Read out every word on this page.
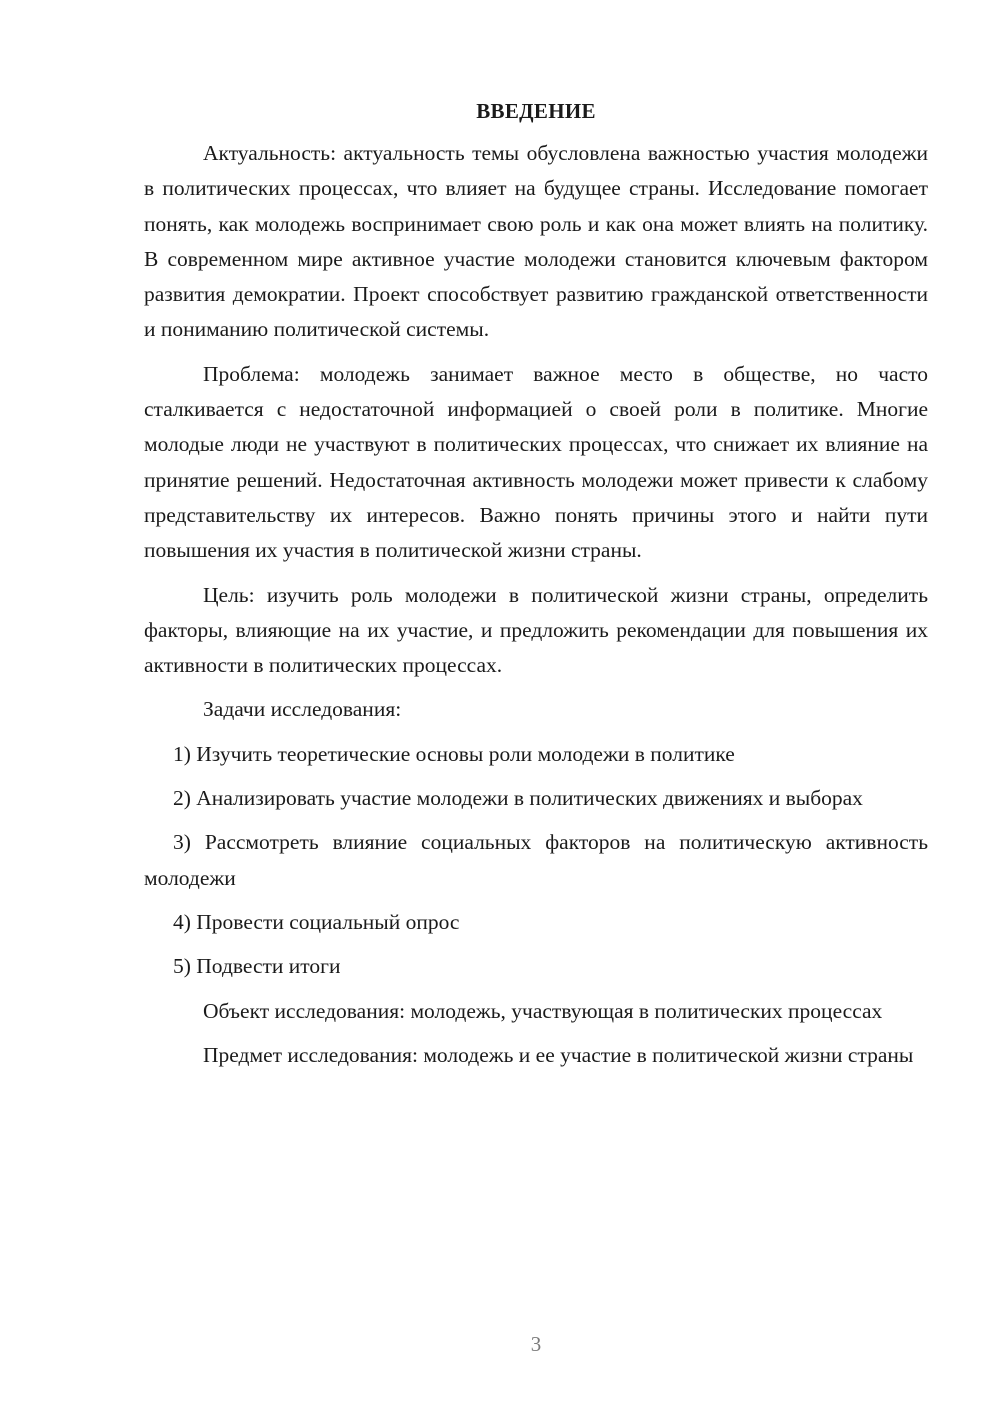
ВВЕДЕНИЕ

Актуальность: актуальность темы обусловлена важностью участия молодежи в политических процессах, что влияет на будущее страны. Исследование помогает понять, как молодежь воспринимает свою роль и как она может влиять на политику. В современном мире активное участие молодежи становится ключевым фактором развития демократии. Проект способствует развитию гражданской ответственности и пониманию политической системы.

Проблема: молодежь занимает важное место в обществе, но часто сталкивается с недостаточной информацией о своей роли в политике. Многие молодые люди не участвуют в политических процессах, что снижает их влияние на принятие решений. Недостаточная активность молодежи может привести к слабому представительству их интересов. Важно понять причины этого и найти пути повышения их участия в политической жизни страны.

Цель: изучить роль молодежи в политической жизни страны, определить факторы, влияющие на их участие, и предложить рекомендации для повышения их активности в политических процессах.

Задачи исследования:

1) Изучить теоретические основы роли молодежи в политике

2) Анализировать участие молодежи в политических движениях и выборах

3) Рассмотреть влияние социальных факторов на политическую активность молодежи

4) Провести социальный опрос

5) Подвести итоги

Объект исследования: молодежь, участвующая в политических процессах

Предмет исследования: молодежь и ее участие в политической жизни страны

3
